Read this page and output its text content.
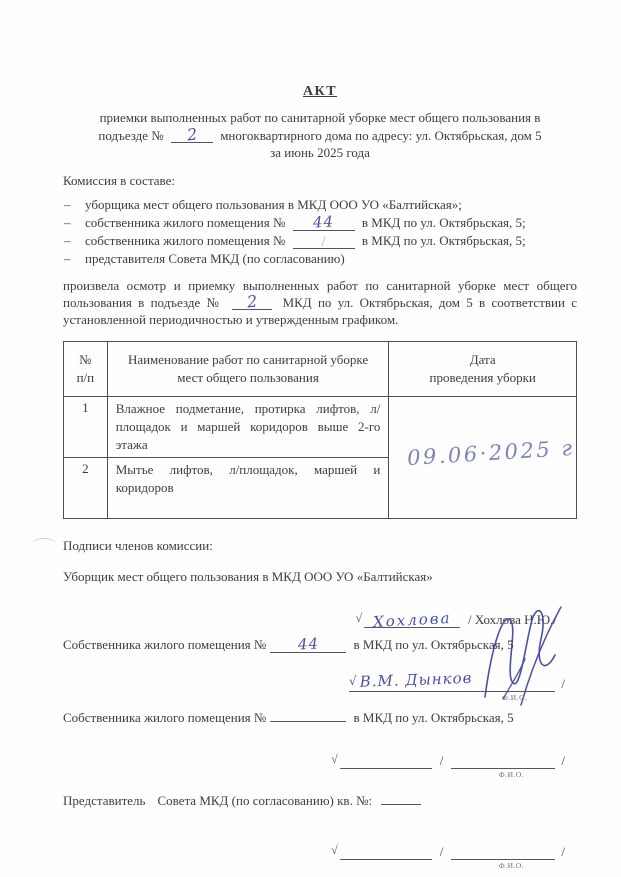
АКТ

приемки выполненных работ по санитарной уборке мест общего пользования в
подъезде № 2 многоквартирного дома по адресу: ул. Октябрьская, дом 5
за июнь 2025 года

Комиссия в составе:

– уборщика мест общего пользования в МКД ООО УО «Балтийская»;
– собственника жилого помещения № 44 в МКД по ул. Октябрьская, 5;
– собственника жилого помещения №	в МКД по ул. Октябрьская, 5;
– представителя Совета МКД (по согласованию)

произвела осмотр и приемку выполненных работ по санитарной уборке мест общего пользования в подъезде № 2 МКД по ул. Октябрьская, дом 5 в соответствии с установленной периодичностью и утвержденным графиком.

№
п/п	Наименование работ по санитарной уборке мест общего пользования	Дата
проведения уборки
1	Влажное подметание, протирка лифтов, л/площадок и маршей коридоров выше 2-го этажа	09.06·2025 г
2	Мытье лифтов, л/площадок, маршей и коридоров	

Подписи членов комиссии:

Уборщик мест общего пользования в МКД ООО УО «Балтийская»

√ Хохлова	/ Хохлова Н.Ю./

Собственника жилого помещения № 44	в МКД по ул. Октябрьская, 5

√В.М. Дынков
Ф.И.О.
/

Собственника жилого помещения №	в МКД по ул. Октябрьская, 5

√	/
Ф.И.О.
/

Представитель Совета МКД (по согласованию) кв. №:

√	/
Ф.И.О.
/
